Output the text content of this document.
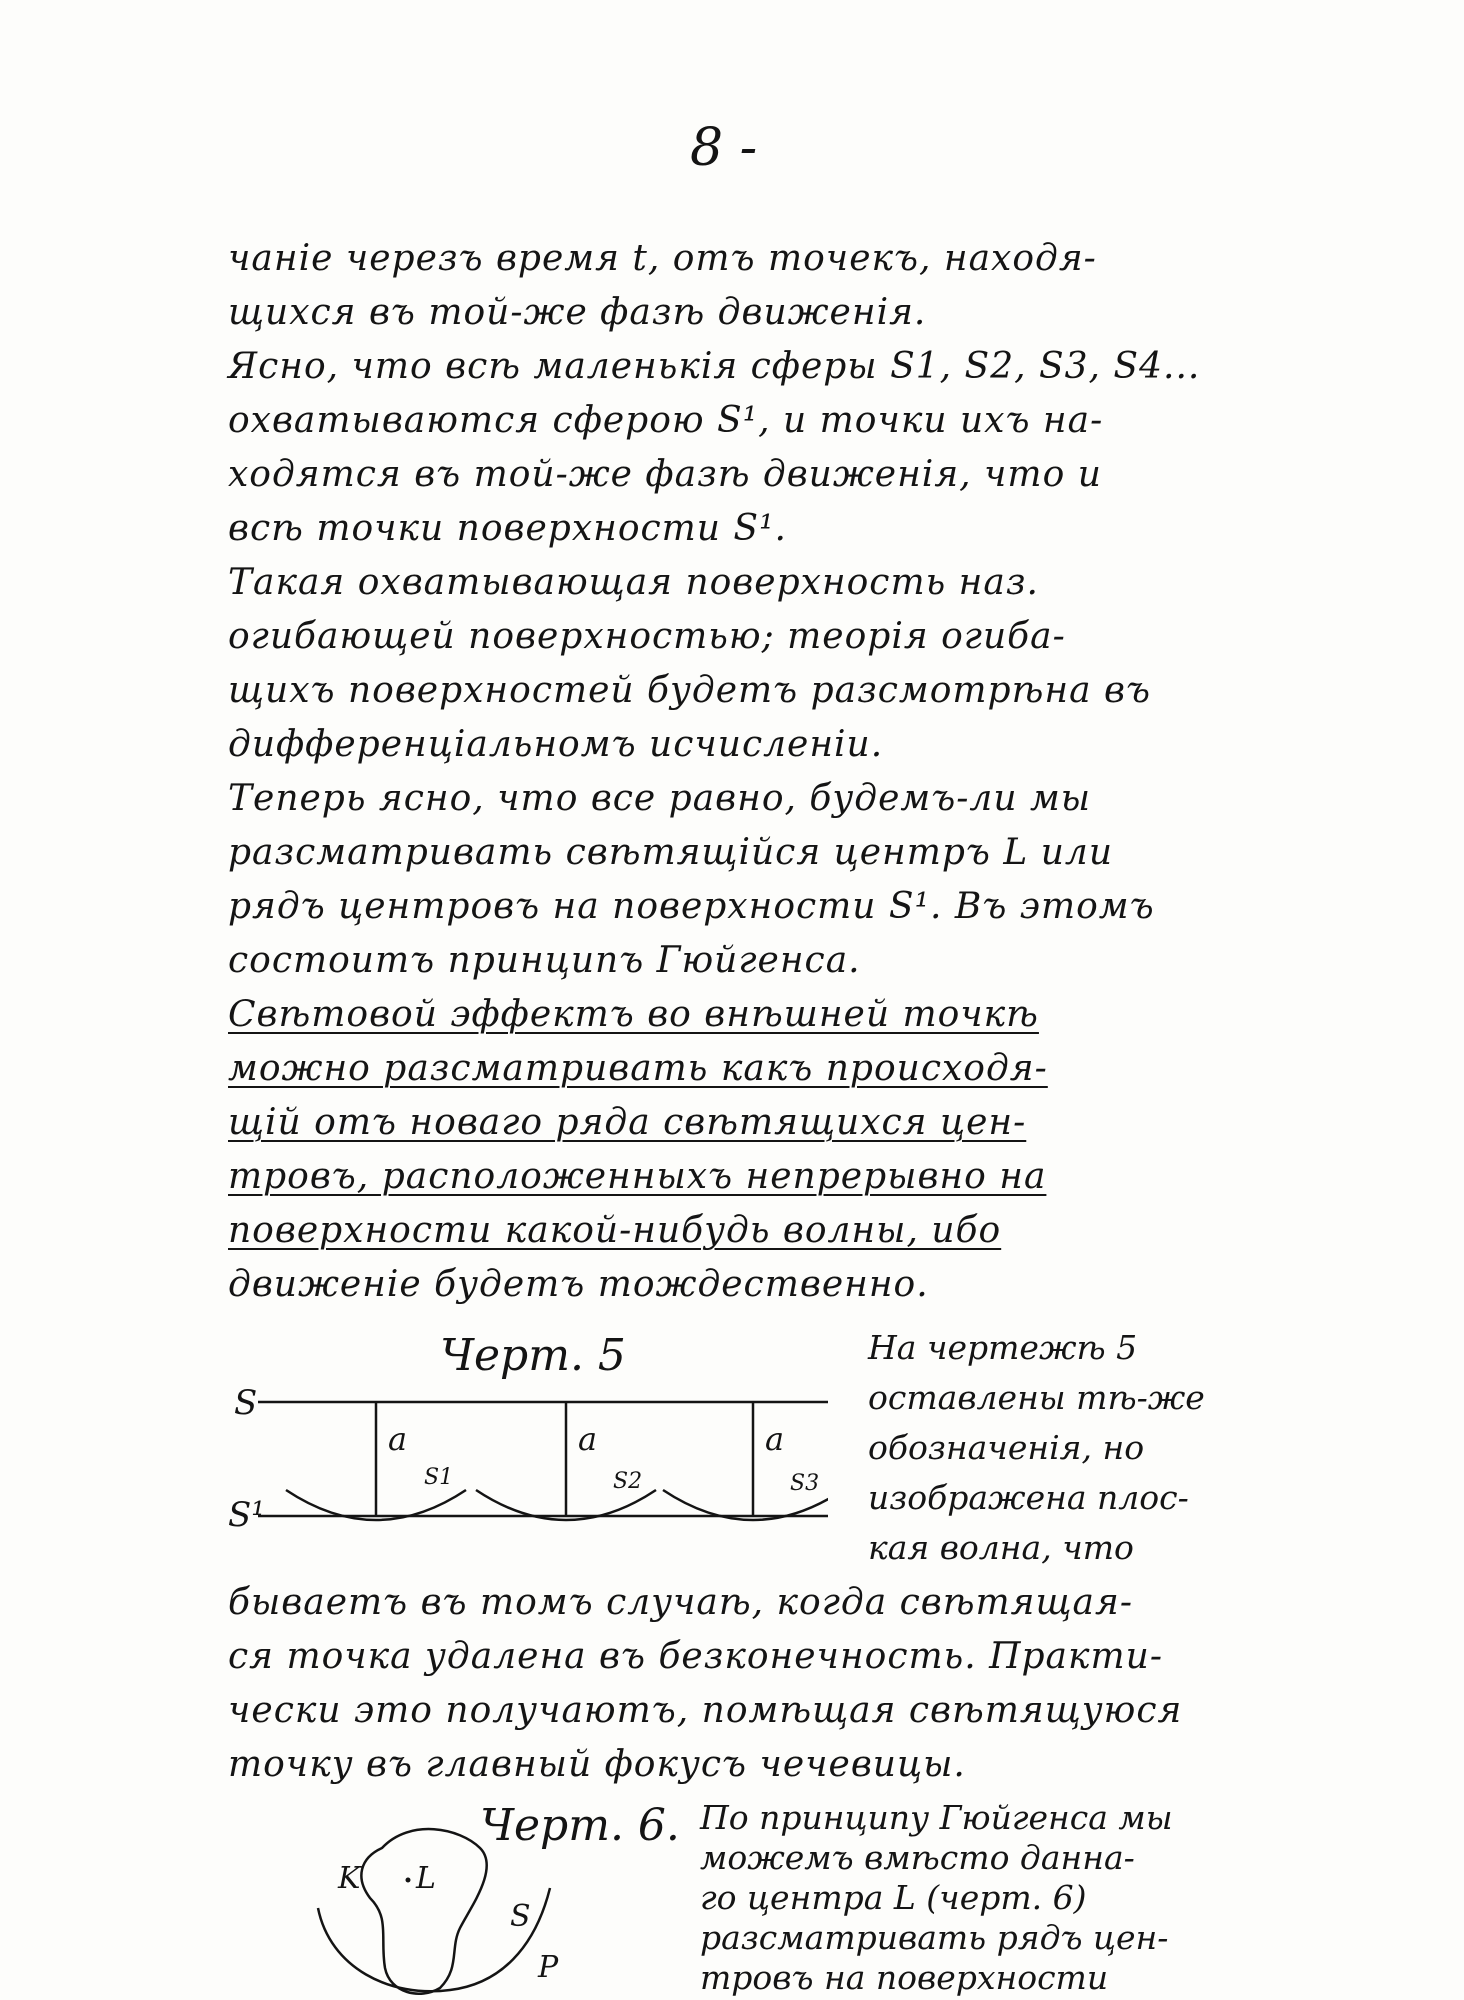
8 -
чаніе черезъ время t, отъ точекъ, находя-
щихся въ той-же фазѣ движенія.
Ясно, что всѣ маленькія сферы S1, S2, S3, S4...
охватываются сферою S¹, и точки ихъ на-
ходятся въ той-же фазѣ движенія, что и
всѣ точки поверхности S¹.
Такая охватывающая поверхность наз.
огибающей поверхностью; теорія огиба-
щихъ поверхностей будетъ разсмотрѣна въ
дифференціальномъ исчисленіи.
Теперь ясно, что все равно, будемъ-ли мы
разсматривать свѣтящійся центръ L или
рядъ центровъ на поверхности S¹. Въ этомъ
состоитъ принципъ Гюйгенса.
Свѣтовой эффектъ во внѣшней точкѣ
можно разсматривать какъ происходя-
щій отъ новаго ряда свѣтящихся цен-
тровъ, расположенныхъ непрерывно на
поверхности какой-нибудь волны, ибо
движеніе будетъ тождественно.
Черт. 5
S
S¹
a	a	a
S1	S2	S3
На чертежѣ 5
оставлены тѣ-же
обозначенія, но
изображена плос-
кая волна, что
бываетъ въ томъ случаѣ, когда свѣтящая-
ся точка удалена въ безконечность. Практи-
чески это получаютъ, помѣщая свѣтящуюся
точку въ главный фокусъ чечевицы.
Черт. 6.
K L
S
P
По принципу Гюйгенса мы
можемъ вмѣсто данна-
го центра L (черт. 6)
разсматривать рядъ цен-
тровъ на поверхности
